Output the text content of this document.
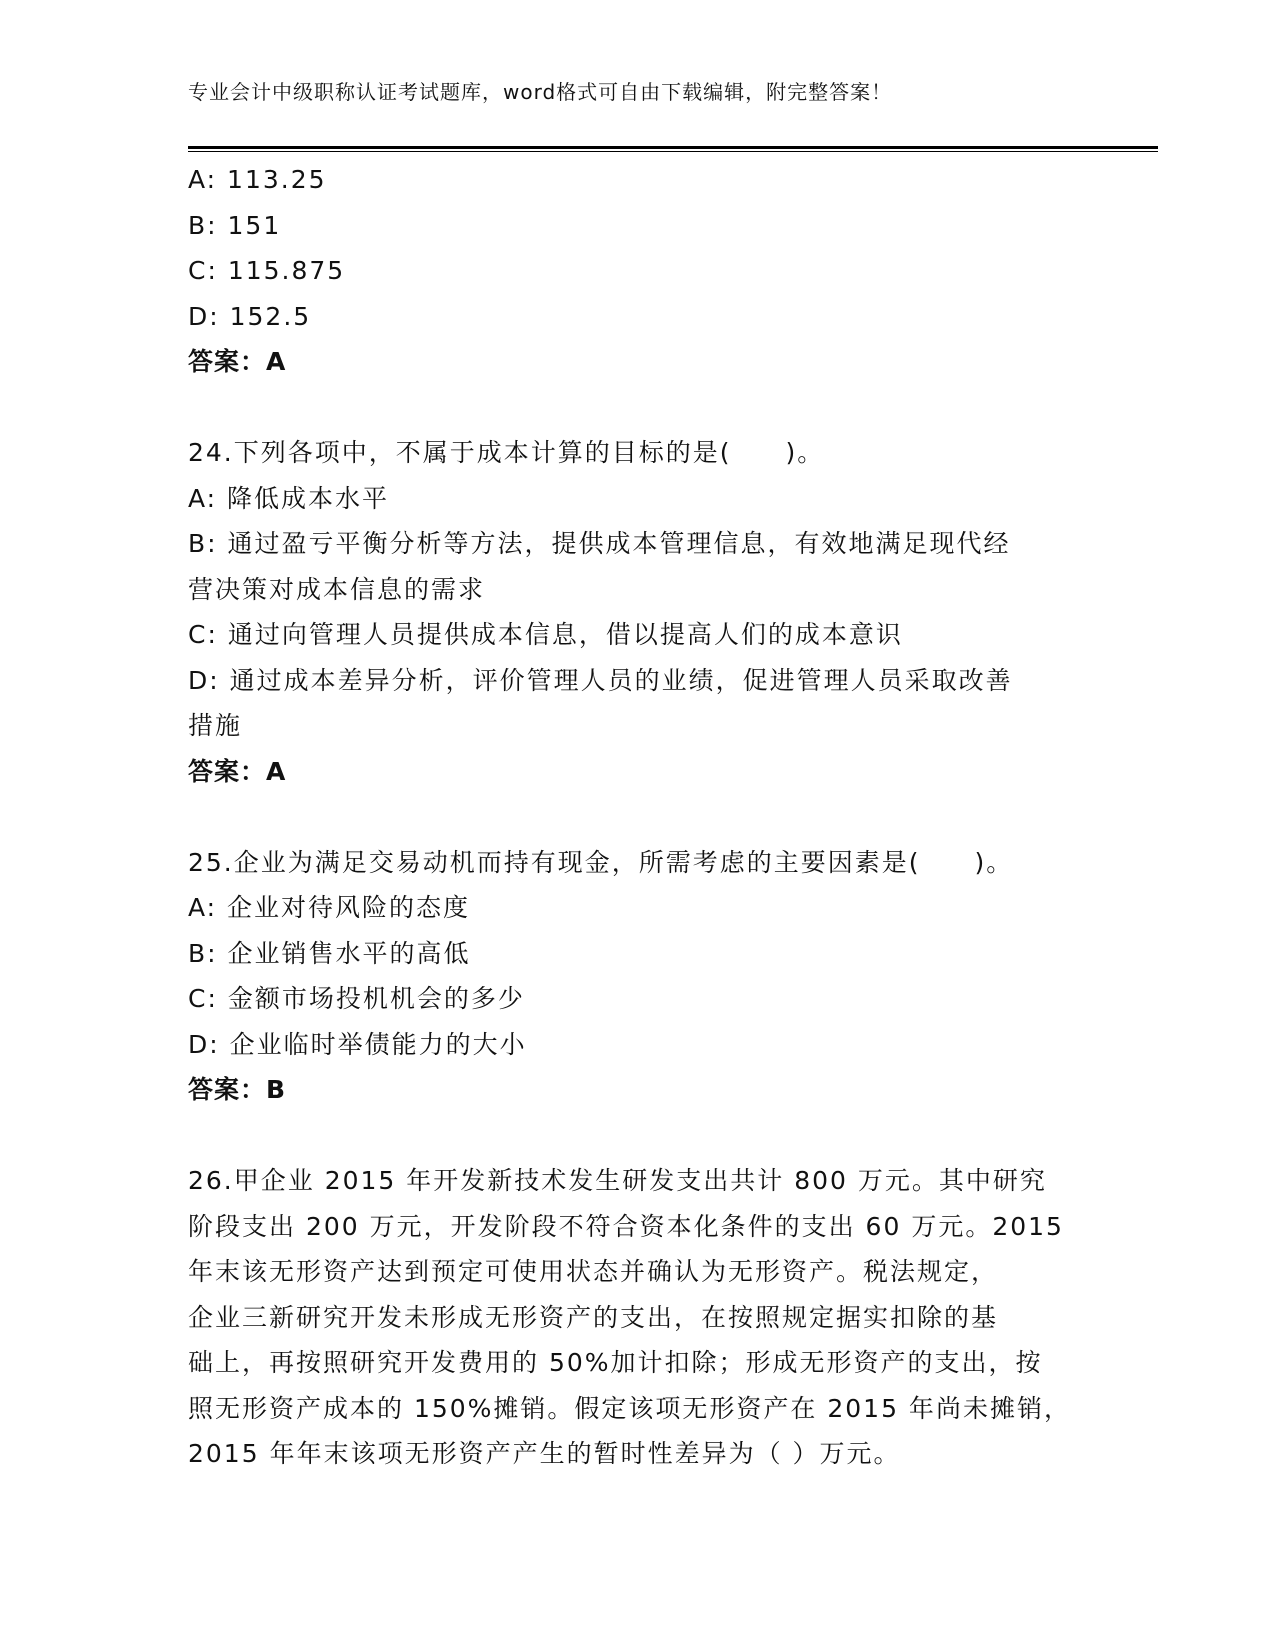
专业会计中级职称认证考试题库，word格式可自由下载编辑，附完整答案！
A: 113.25
B: 151
C: 115.875
D: 152.5
答案：A
24.下列各项中，不属于成本计算的目标的是(　　)。
A: 降低成本水平
B: 通过盈亏平衡分析等方法，提供成本管理信息，有效地满足现代经
营决策对成本信息的需求
C: 通过向管理人员提供成本信息，借以提高人们的成本意识
D: 通过成本差异分析，评价管理人员的业绩，促进管理人员采取改善
措施
答案：A
25.企业为满足交易动机而持有现金，所需考虑的主要因素是(　　)。
A: 企业对待风险的态度
B: 企业销售水平的高低
C: 金额市场投机机会的多少
D: 企业临时举债能力的大小
答案：B
26.甲企业 2015 年开发新技术发生研发支出共计 800 万元。其中研究
阶段支出 200 万元，开发阶段不符合资本化条件的支出 60 万元。2015
年末该无形资产达到预定可使用状态并确认为无形资产。税法规定，
企业三新研究开发未形成无形资产的支出，在按照规定据实扣除的基
础上，再按照研究开发费用的 50%加计扣除；形成无形资产的支出，按
照无形资产成本的 150%摊销。假定该项无形资产在 2015 年尚未摊销，
2015 年年末该项无形资产产生的暂时性差异为（ ）万元。
